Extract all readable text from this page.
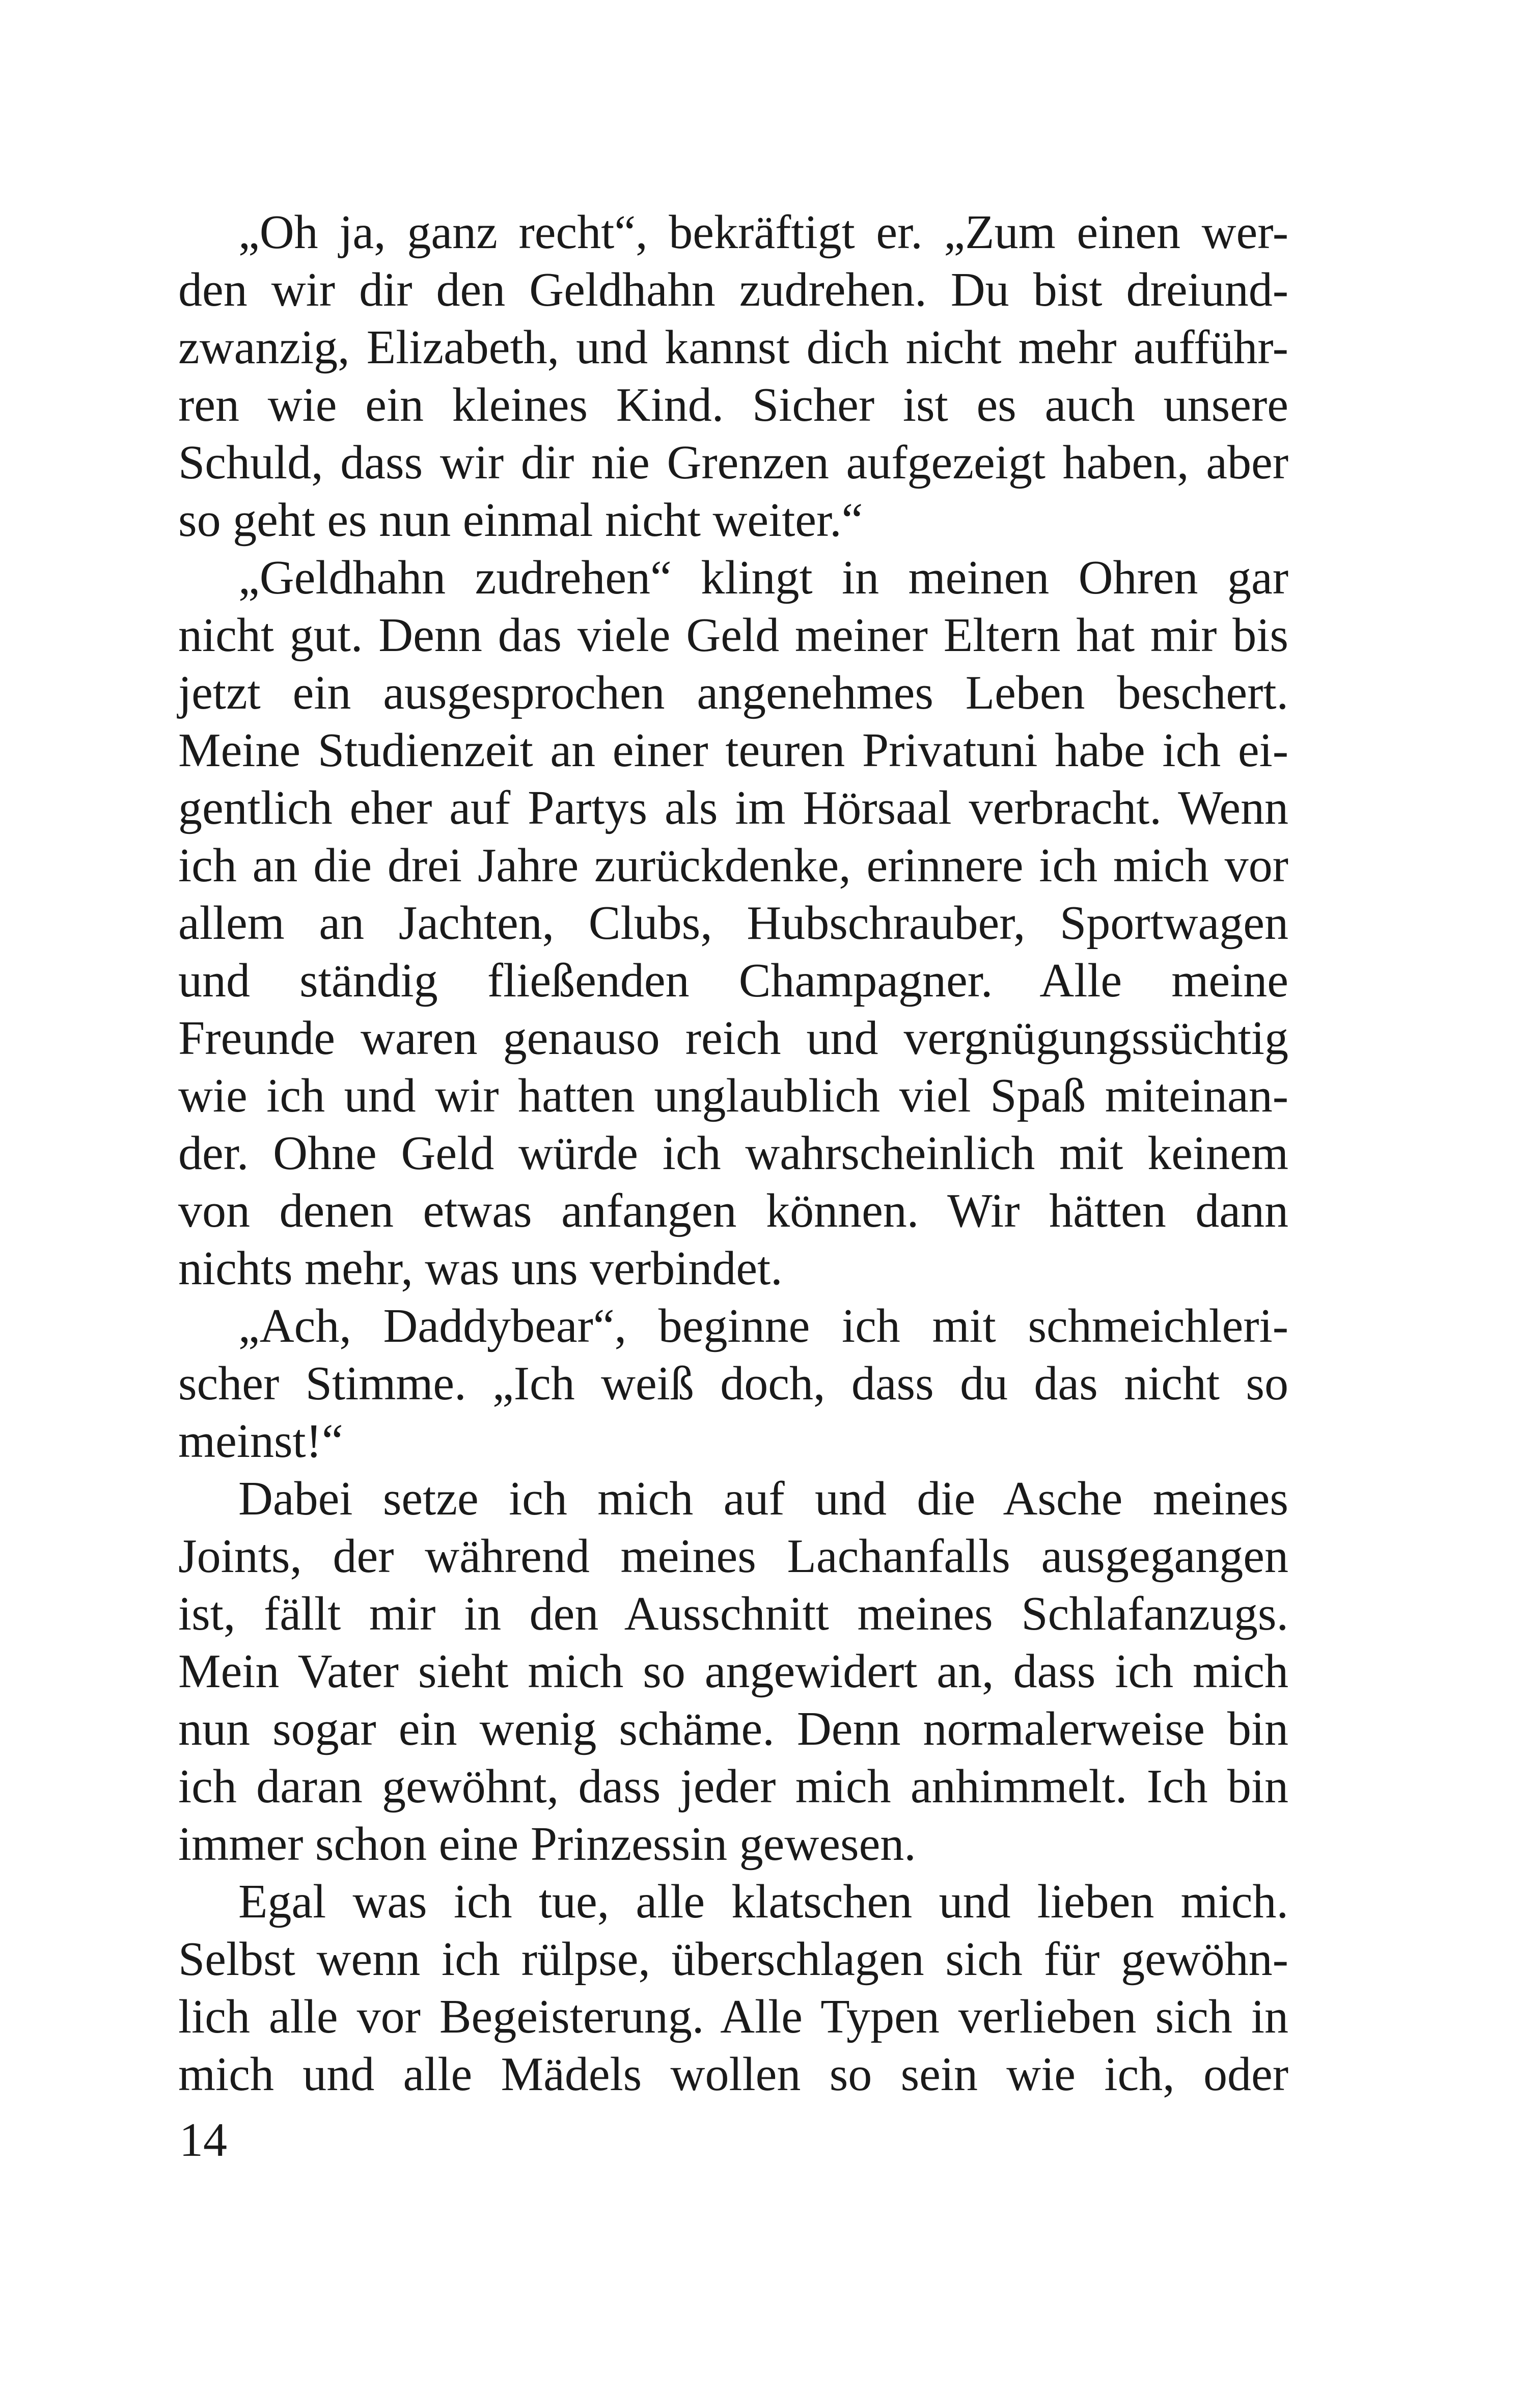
„Oh ja, ganz recht“, bekräftigt er. „Zum einen wer-
den wir dir den Geldhahn zudrehen. Du bist dreiund-
zwanzig, Elizabeth, und kannst dich nicht mehr aufführ-
ren wie ein kleines Kind. Sicher ist es auch unsere
Schuld, dass wir dir nie Grenzen aufgezeigt haben, aber
so geht es nun einmal nicht weiter.“
„Geldhahn zudrehen“ klingt in meinen Ohren gar
nicht gut. Denn das viele Geld meiner Eltern hat mir bis
jetzt ein ausgesprochen angenehmes Leben beschert.
Meine Studienzeit an einer teuren Privatuni habe ich ei-
gentlich eher auf Partys als im Hörsaal verbracht. Wenn
ich an die drei Jahre zurückdenke, erinnere ich mich vor
allem an Jachten, Clubs, Hubschrauber, Sportwagen
und ständig fließenden Champagner. Alle meine
Freunde waren genauso reich und vergnügungssüchtig
wie ich und wir hatten unglaublich viel Spaß miteinan-
der. Ohne Geld würde ich wahrscheinlich mit keinem
von denen etwas anfangen können. Wir hätten dann
nichts mehr, was uns verbindet.
„Ach, Daddybear“, beginne ich mit schmeichleri-
scher Stimme. „Ich weiß doch, dass du das nicht so
meinst!“
Dabei setze ich mich auf und die Asche meines
Joints, der während meines Lachanfalls ausgegangen
ist, fällt mir in den Ausschnitt meines Schlafanzugs.
Mein Vater sieht mich so angewidert an, dass ich mich
nun sogar ein wenig schäme. Denn normalerweise bin
ich daran gewöhnt, dass jeder mich anhimmelt. Ich bin
immer schon eine Prinzessin gewesen.
Egal was ich tue, alle klatschen und lieben mich.
Selbst wenn ich rülpse, überschlagen sich für gewöhn-
lich alle vor Begeisterung. Alle Typen verlieben sich in
mich und alle Mädels wollen so sein wie ich, oder
14
